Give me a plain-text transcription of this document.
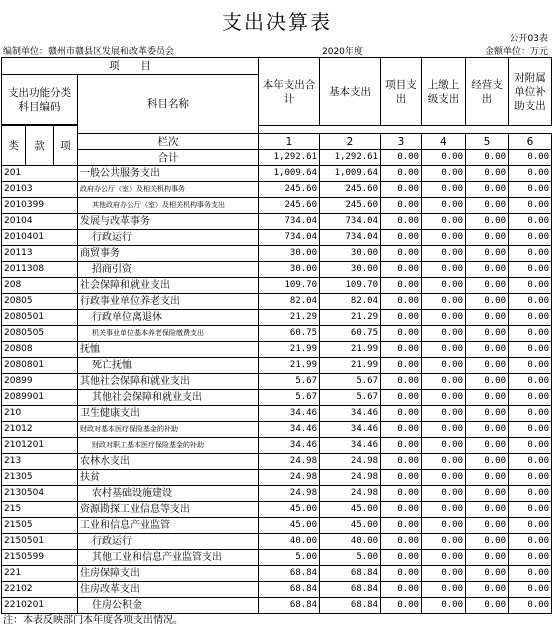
支出决算表
公开03表
编制单位：赣州市赣县区发展和改革委员会	2020年度	金额单位：万元
项　　目				本年支出合计	基本支出	项目支出	上缴上级支出	经营支出	对附属单位补助支出
支出功能分类科目编码			科目名称						

类	款	项							
			栏次	1	2	3	4	5	6
			合计	1,292.61	1,292.61	0.00	0.00	0.00	0.00
201			一般公共服务支出	1,009.64	1,009.64	0.00	0.00	0.00	0.00
20103			政府办公厅（室）及相关机构事务	245.60	245.60	0.00	0.00	0.00	0.00
2010399			其他政府办公厅（室）及相关机构事务支出	245.60	245.60	0.00	0.00	0.00	0.00
20104			发展与改革事务	734.04	734.04	0.00	0.00	0.00	0.00
2010401			行政运行	734.04	734.04	0.00	0.00	0.00	0.00
20113			商贸事务	30.00	30.00	0.00	0.00	0.00	0.00
2011308			招商引资	30.00	30.00	0.00	0.00	0.00	0.00
208			社会保障和就业支出	109.70	109.70	0.00	0.00	0.00	0.00
20805			行政事业单位养老支出	82.04	82.04	0.00	0.00	0.00	0.00
2080501			行政单位离退休	21.29	21.29	0.00	0.00	0.00	0.00
2080505			机关事业单位基本养老保险缴费支出	60.75	60.75	0.00	0.00	0.00	0.00
20808			抚恤	21.99	21.99	0.00	0.00	0.00	0.00
2080801			死亡抚恤	21.99	21.99	0.00	0.00	0.00	0.00
20899			其他社会保障和就业支出	5.67	5.67	0.00	0.00	0.00	0.00
2089901			其他社会保障和就业支出	5.67	5.67	0.00	0.00	0.00	0.00
210			卫生健康支出	34.46	34.46	0.00	0.00	0.00	0.00
21012			财政对基本医疗保险基金的补助	34.46	34.46	0.00	0.00	0.00	0.00
2101201			财政对职工基本医疗保险基金的补助	34.46	34.46	0.00	0.00	0.00	0.00
213			农林水支出	24.98	24.98	0.00	0.00	0.00	0.00
21305			扶贫	24.98	24.98	0.00	0.00	0.00	0.00
2130504			农村基础设施建设	24.98	24.98	0.00	0.00	0.00	0.00
215			资源勘探工业信息等支出	45.00	45.00	0.00	0.00	0.00	0.00
21505			工业和信息产业监管	45.00	45.00	0.00	0.00	0.00	0.00
2150501			行政运行	40.00	40.00	0.00	0.00	0.00	0.00
2150599			其他工业和信息产业监管支出	5.00	5.00	0.00	0.00	0.00	0.00
221			住房保障支出	68.84	68.84	0.00	0.00	0.00	0.00
22102			住房改革支出	68.84	68.84	0.00	0.00	0.00	0.00
2210201			住房公积金	68.84	68.84	0.00	0.00	0.00	0.00
注：本表反映部门本年度各项支出情况。
